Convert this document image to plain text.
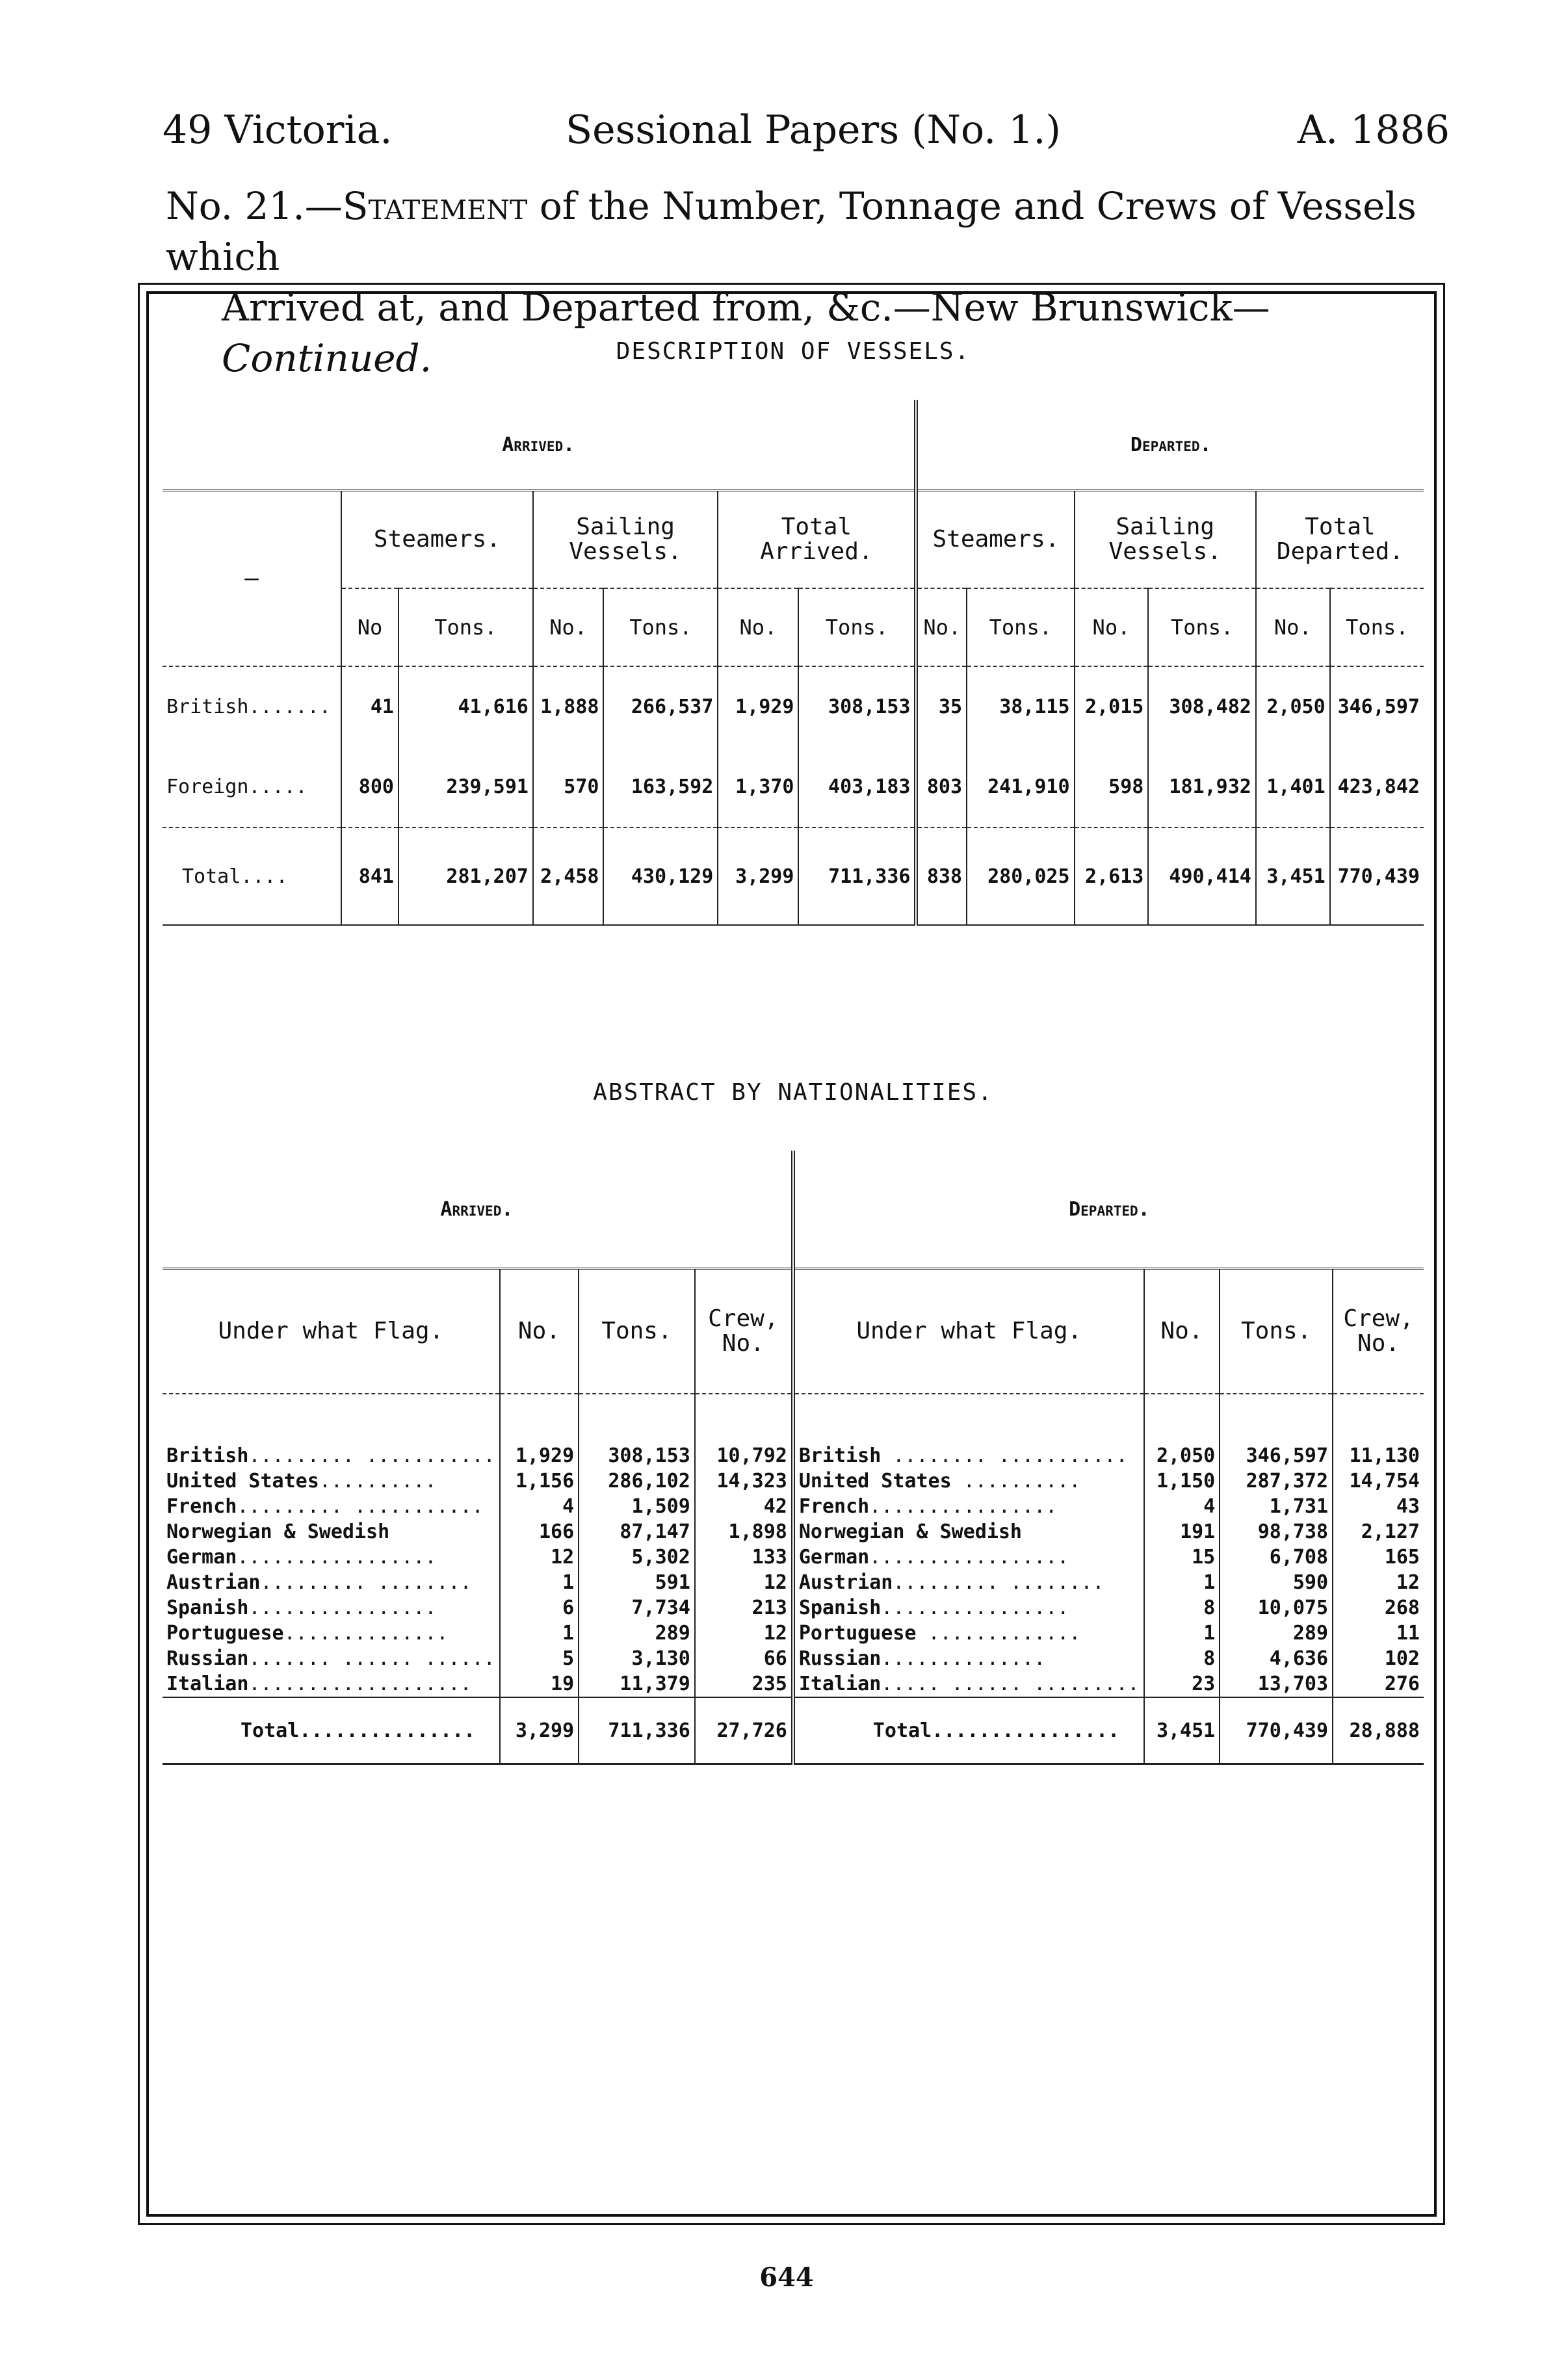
49 Victoria.	Sessional Papers (No. 1.)	A. 1886
No. 21.—Statement of the Number, Tonnage and Crews of Vessels which
Arrived at, and Departed from, &c.—New Brunswick—Continued.	DESCRIPTION OF VESSELS.
Arrived.							Departed.					
—	Steamers.		Sailing Vessels.		Total Arrived.		Steamers.		Sailing Vessels.		Total Departed.	
	No	Tons.	No.	Tons.	No.	Tons.	No.	Tons.	No.	Tons.	No.	Tons.
British.......	41	41,616	1,888	266,537	1,929	308,153	35	38,115	2,015	308,482	2,050	346,597
Foreign.....	800	239,591	570	163,592	1,370	403,183	803	241,910	598	181,932	1,401	423,842
Total....	841	281,207	2,458	430,129	3,299	711,336	838	280,025	2,613	490,414	3,451	770,439
ABSTRACT BY NATIONALITIES.
Arrived.				Departed.			
Under what Flag.	No.	Tons.	Crew, No.	Under what Flag.	No.	Tons.	Crew, No.

British......... ...........	1,929	308,153	10,792	British ........ ...........	2,050	346,597	11,130
United States..........	1,156	286,102	14,323	United States ..........	1,150	287,372	14,754
French......... ...........	4	1,509	42	French................	4	1,731	43
Norwegian & Swedish	166	87,147	1,898	Norwegian & Swedish	191	98,738	2,127
German.................	12	5,302	133	German.................	15	6,708	165
Austrian......... ........	1	591	12	Austrian......... ........	1	590	12
Spanish................	6	7,734	213	Spanish................	8	10,075	268
Portuguese..............	1	289	12	Portuguese .............	1	289	11
Russian....... ...... ......	5	3,130	66	Russian..............	8	4,636	102
Italian...................	19	11,379	235	Italian..... ...... .........	23	13,703	276
Total...............	3,299	711,336	27,726	Total................	3,451	770,439	28,888
644
